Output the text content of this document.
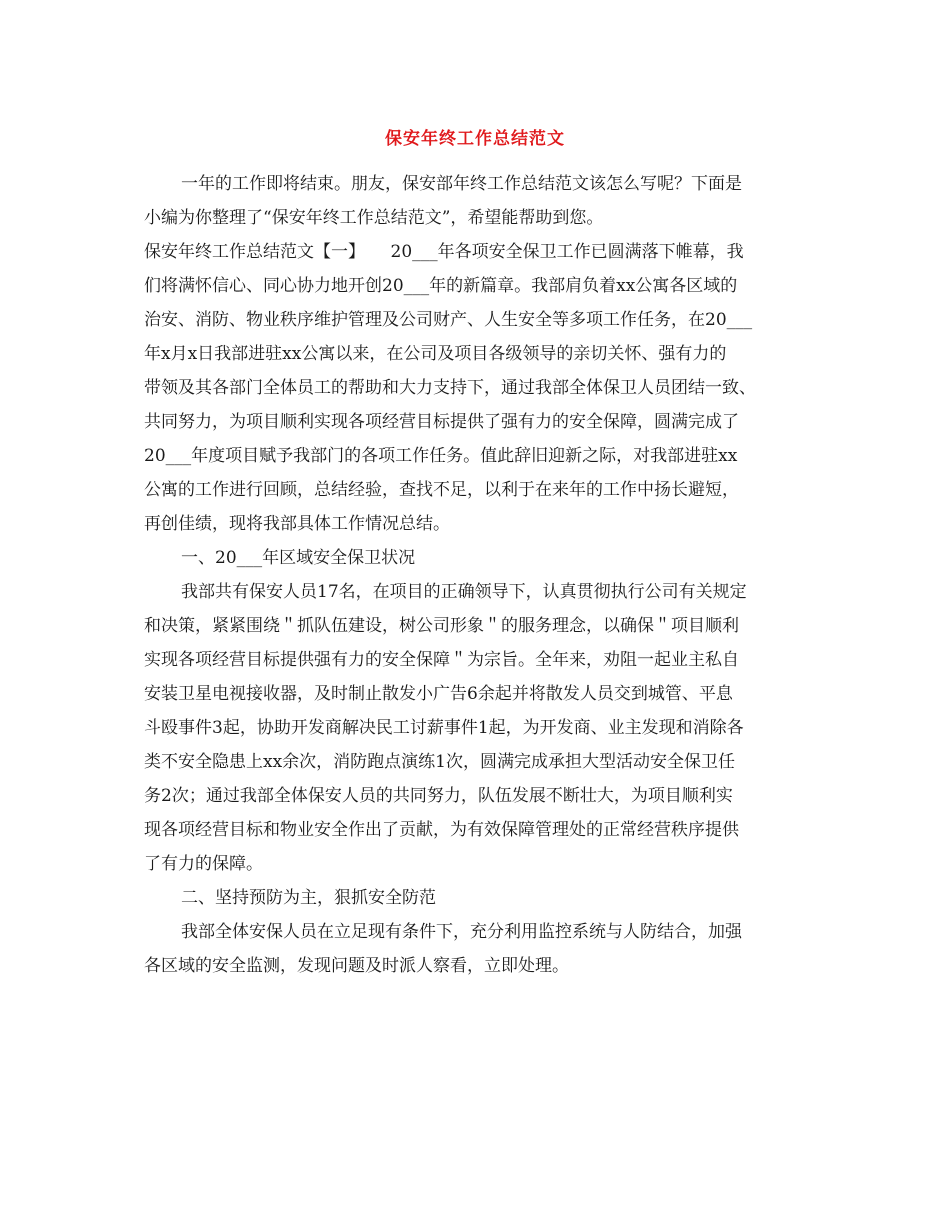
保安年终工作总结范文
一年的工作即将结束。朋友，保安部年终工作总结范文该怎么写呢？下面是
小编为你整理了“保安年终工作总结范文”，希望能帮助到您。
保安年终工作总结范文【一】　　20___年各项安全保卫工作已圆满落下帷幕，我
们将满怀信心、同心协力地开创20___年的新篇章。我部肩负着xx公寓各区域的
治安、消防、物业秩序维护管理及公司财产、人生安全等多项工作任务，在20___
年x月x日我部进驻xx公寓以来，在公司及项目各级领导的亲切关怀、强有力的
带领及其各部门全体员工的帮助和大力支持下，通过我部全体保卫人员团结一致、
共同努力，为项目顺利实现各项经营目标提供了强有力的安全保障，圆满完成了
20___年度项目赋予我部门的各项工作任务。值此辞旧迎新之际，对我部进驻xx
公寓的工作进行回顾，总结经验，查找不足，以利于在来年的工作中扬长避短，
再创佳绩，现将我部具体工作情况总结。
一、20___年区域安全保卫状况
我部共有保安人员17名，在项目的正确领导下，认真贯彻执行公司有关规定
和决策，紧紧围绕＂抓队伍建设，树公司形象＂的服务理念，以确保＂项目顺利
实现各项经营目标提供强有力的安全保障＂为宗旨。全年来，劝阻一起业主私自
安装卫星电视接收器，及时制止散发小广告6余起并将散发人员交到城管、平息
斗殴事件3起，协助开发商解决民工讨薪事件1起，为开发商、业主发现和消除各
类不安全隐患上xx余次，消防跑点演练1次，圆满完成承担大型活动安全保卫任
务2次；通过我部全体保安人员的共同努力，队伍发展不断壮大，为项目顺利实
现各项经营目标和物业安全作出了贡献，为有效保障管理处的正常经营秩序提供
了有力的保障。
二、坚持预防为主，狠抓安全防范
我部全体安保人员在立足现有条件下，充分利用监控系统与人防结合，加强
各区域的安全监测，发现问题及时派人察看，立即处理。
